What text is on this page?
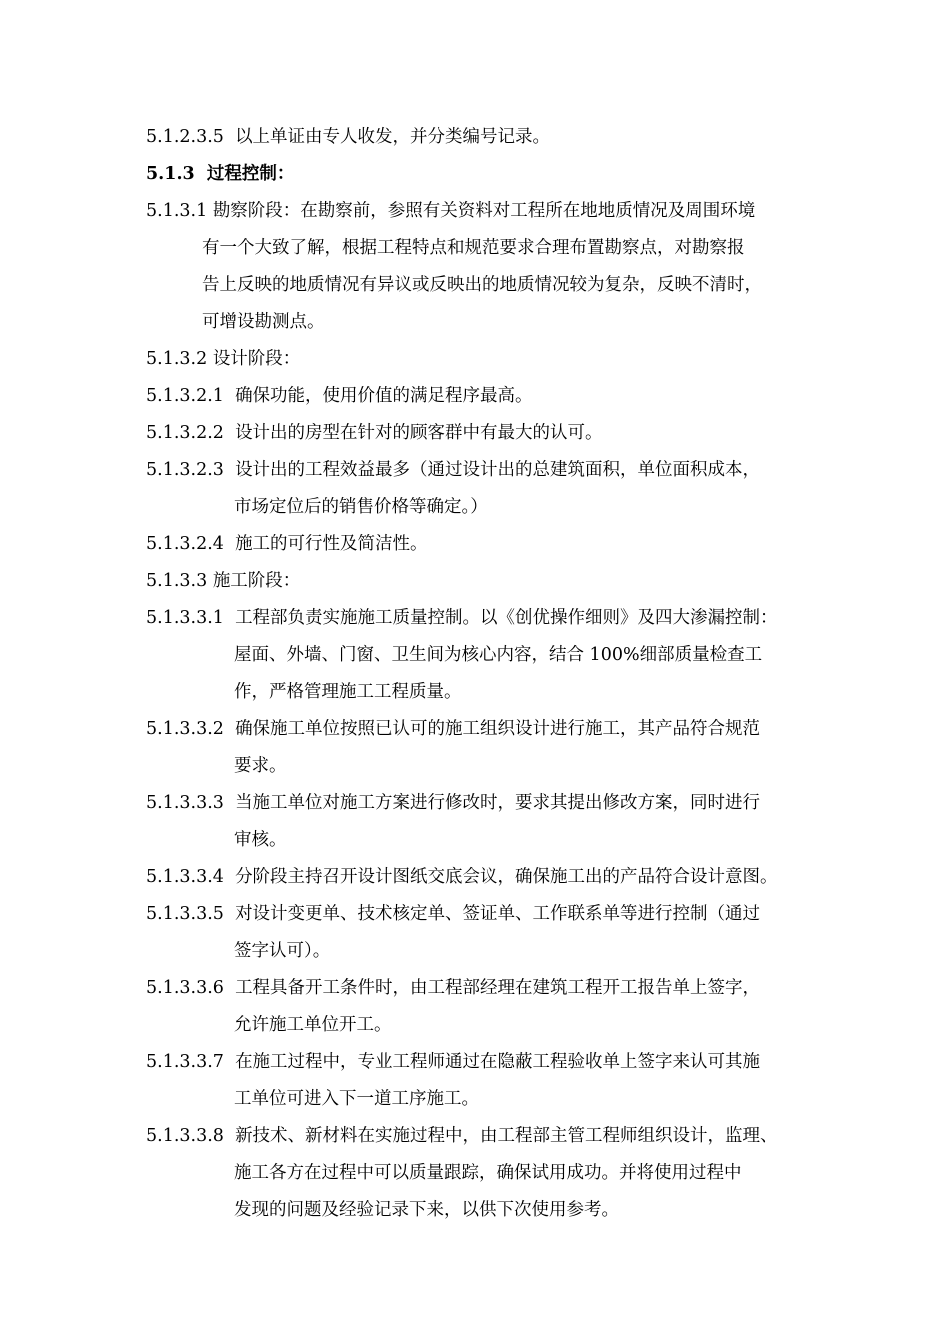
5.1.2.3.5 以上单证由专人收发，并分类编号记录。
5.1.3 过程控制：
5.1.3.1 勘察阶段：在勘察前，参照有关资料对工程所在地地质情况及周围环境
有一个大致了解，根据工程特点和规范要求合理布置勘察点，对勘察报
告上反映的地质情况有异议或反映出的地质情况较为复杂，反映不清时，
可增设勘测点。
5.1.3.2 设计阶段：
5.1.3.2.1 确保功能，使用价值的满足程序最高。
5.1.3.2.2 设计出的房型在针对的顾客群中有最大的认可。
5.1.3.2.3 设计出的工程效益最多（通过设计出的总建筑面积，单位面积成本，
市场定位后的销售价格等确定。）
5.1.3.2.4 施工的可行性及简洁性。
5.1.3.3 施工阶段：
5.1.3.3.1 工程部负责实施施工质量控制。以《创优操作细则》及四大渗漏控制：
屋面、外墙、门窗、卫生间为核心内容，结合 100%细部质量检查工
作，严格管理施工工程质量。
5.1.3.3.2 确保施工单位按照已认可的施工组织设计进行施工，其产品符合规范
要求。
5.1.3.3.3 当施工单位对施工方案进行修改时，要求其提出修改方案，同时进行
审核。
5.1.3.3.4 分阶段主持召开设计图纸交底会议，确保施工出的产品符合设计意图。
5.1.3.3.5 对设计变更单、技术核定单、签证单、工作联系单等进行控制（通过
签字认可）。
5.1.3.3.6 工程具备开工条件时，由工程部经理在建筑工程开工报告单上签字，
允许施工单位开工。
5.1.3.3.7 在施工过程中，专业工程师通过在隐蔽工程验收单上签字来认可其施
工单位可进入下一道工序施工。
5.1.3.3.8 新技术、新材料在实施过程中，由工程部主管工程师组织设计，监理、
施工各方在过程中可以质量跟踪，确保试用成功。并将使用过程中
发现的问题及经验记录下来，以供下次使用参考。
